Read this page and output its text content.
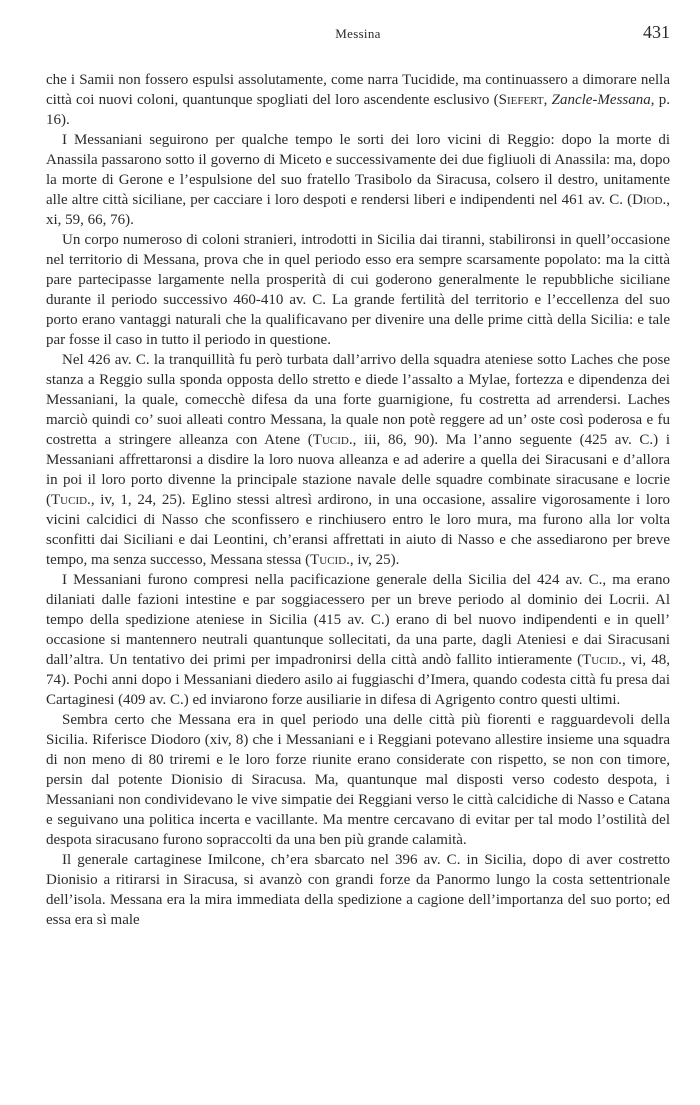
Messina	431

che i Samii non fossero espulsi assolutamente, come narra Tucidide, ma continuassero a dimorare nella città coi nuovi coloni, quantunque spogliati del loro ascendente esclusivo (Siefert, Zancle-Messana, p. 16).

I Messaniani seguirono per qualche tempo le sorti dei loro vicini di Reggio: dopo la morte di Anassila passarono sotto il governo di Miceto e successivamente dei due figliuoli di Anassila: ma, dopo la morte di Gerone e l’espulsione del suo fratello Trasibolo da Siracusa, colsero il destro, unitamente alle altre città siciliane, per cacciare i loro despoti e rendersi liberi e indipendenti nel 461 av. C. (Diod., xi, 59, 66, 76).

Un corpo numeroso di coloni stranieri, introdotti in Sicilia dai tiranni, stabilironsi in quell’occasione nel territorio di Messana, prova che in quel periodo esso era sempre scarsamente popolato: ma la città pare partecipasse largamente nella prosperità di cui goderono generalmente le repubbliche siciliane durante il periodo successivo 460-410 av. C. La grande fertilità del territorio e l’eccellenza del suo porto erano vantaggi naturali che la qualificavano per divenire una delle prime città della Sicilia: e tale par fosse il caso in tutto il periodo in questione.

Nel 426 av. C. la tranquillità fu però turbata dall’arrivo della squadra ateniese sotto Laches che pose stanza a Reggio sulla sponda opposta dello stretto e diede l’assalto a Mylae, fortezza e dipendenza dei Messaniani, la quale, comecchè difesa da una forte guarnigione, fu costretta ad arrendersi. Laches marciò quindi co’ suoi alleati contro Messana, la quale non potè reggere ad un’ oste così poderosa e fu costretta a stringere alleanza con Atene (Tucid., iii, 86, 90). Ma l’anno seguente (425 av. C.) i Messaniani affrettaronsi a disdire la loro nuova alleanza e ad aderire a quella dei Siracusani e d’allora in poi il loro porto divenne la principale stazione navale delle squadre combinate siracusane e locrie (Tucid., iv, 1, 24, 25). Eglino stessi altresì ardirono, in una occasione, assalire vigorosamente i loro vicini calcidici di Nasso che sconfissero e rinchiusero entro le loro mura, ma furono alla lor volta sconfitti dai Siciliani e dai Leontini, ch’eransi affrettati in aiuto di Nasso e che assediarono per breve tempo, ma senza successo, Messana stessa (Tucid., iv, 25).

I Messaniani furono compresi nella pacificazione generale della Sicilia del 424 av. C., ma erano dilaniati dalle fazioni intestine e par soggiacessero per un breve periodo al dominio dei Locrii. Al tempo della spedizione ateniese in Sicilia (415 av. C.) erano di bel nuovo indipendenti e in quell’ occasione si mantennero neutrali quantunque sollecitati, da una parte, dagli Ateniesi e dai Siracusani dall’altra. Un tentativo dei primi per impadronirsi della città andò fallito intieramente (Tucid., vi, 48, 74). Pochi anni dopo i Messaniani diedero asilo ai fuggiaschi d’Imera, quando codesta città fu presa dai Cartaginesi (409 av. C.) ed inviarono forze ausiliarie in difesa di Agrigento contro questi ultimi.

Sembra certo che Messana era in quel periodo una delle città più fiorenti e ragguardevoli della Sicilia. Riferisce Diodoro (xiv, 8) che i Messaniani e i Reggiani potevano allestire insieme una squadra di non meno di 80 triremi e le loro forze riunite erano considerate con rispetto, se non con timore, persin dal potente Dionisio di Siracusa. Ma, quantunque mal disposti verso codesto despota, i Messaniani non condividevano le vive simpatie dei Reggiani verso le città calcidiche di Nasso e Catana e seguivano una politica incerta e vacillante. Ma mentre cercavano di evitar per tal modo l’ostilità del despota siracusano furono sopraccolti da una ben più grande calamità.

Il generale cartaginese Imilcone, ch’era sbarcato nel 396 av. C. in Sicilia, dopo di aver costretto Dionisio a ritirarsi in Siracusa, si avanzò con grandi forze da Panormo lungo la costa settentrionale dell’isola. Messana era la mira immediata della spedizione a cagione dell’importanza del suo porto; ed essa era sì male
